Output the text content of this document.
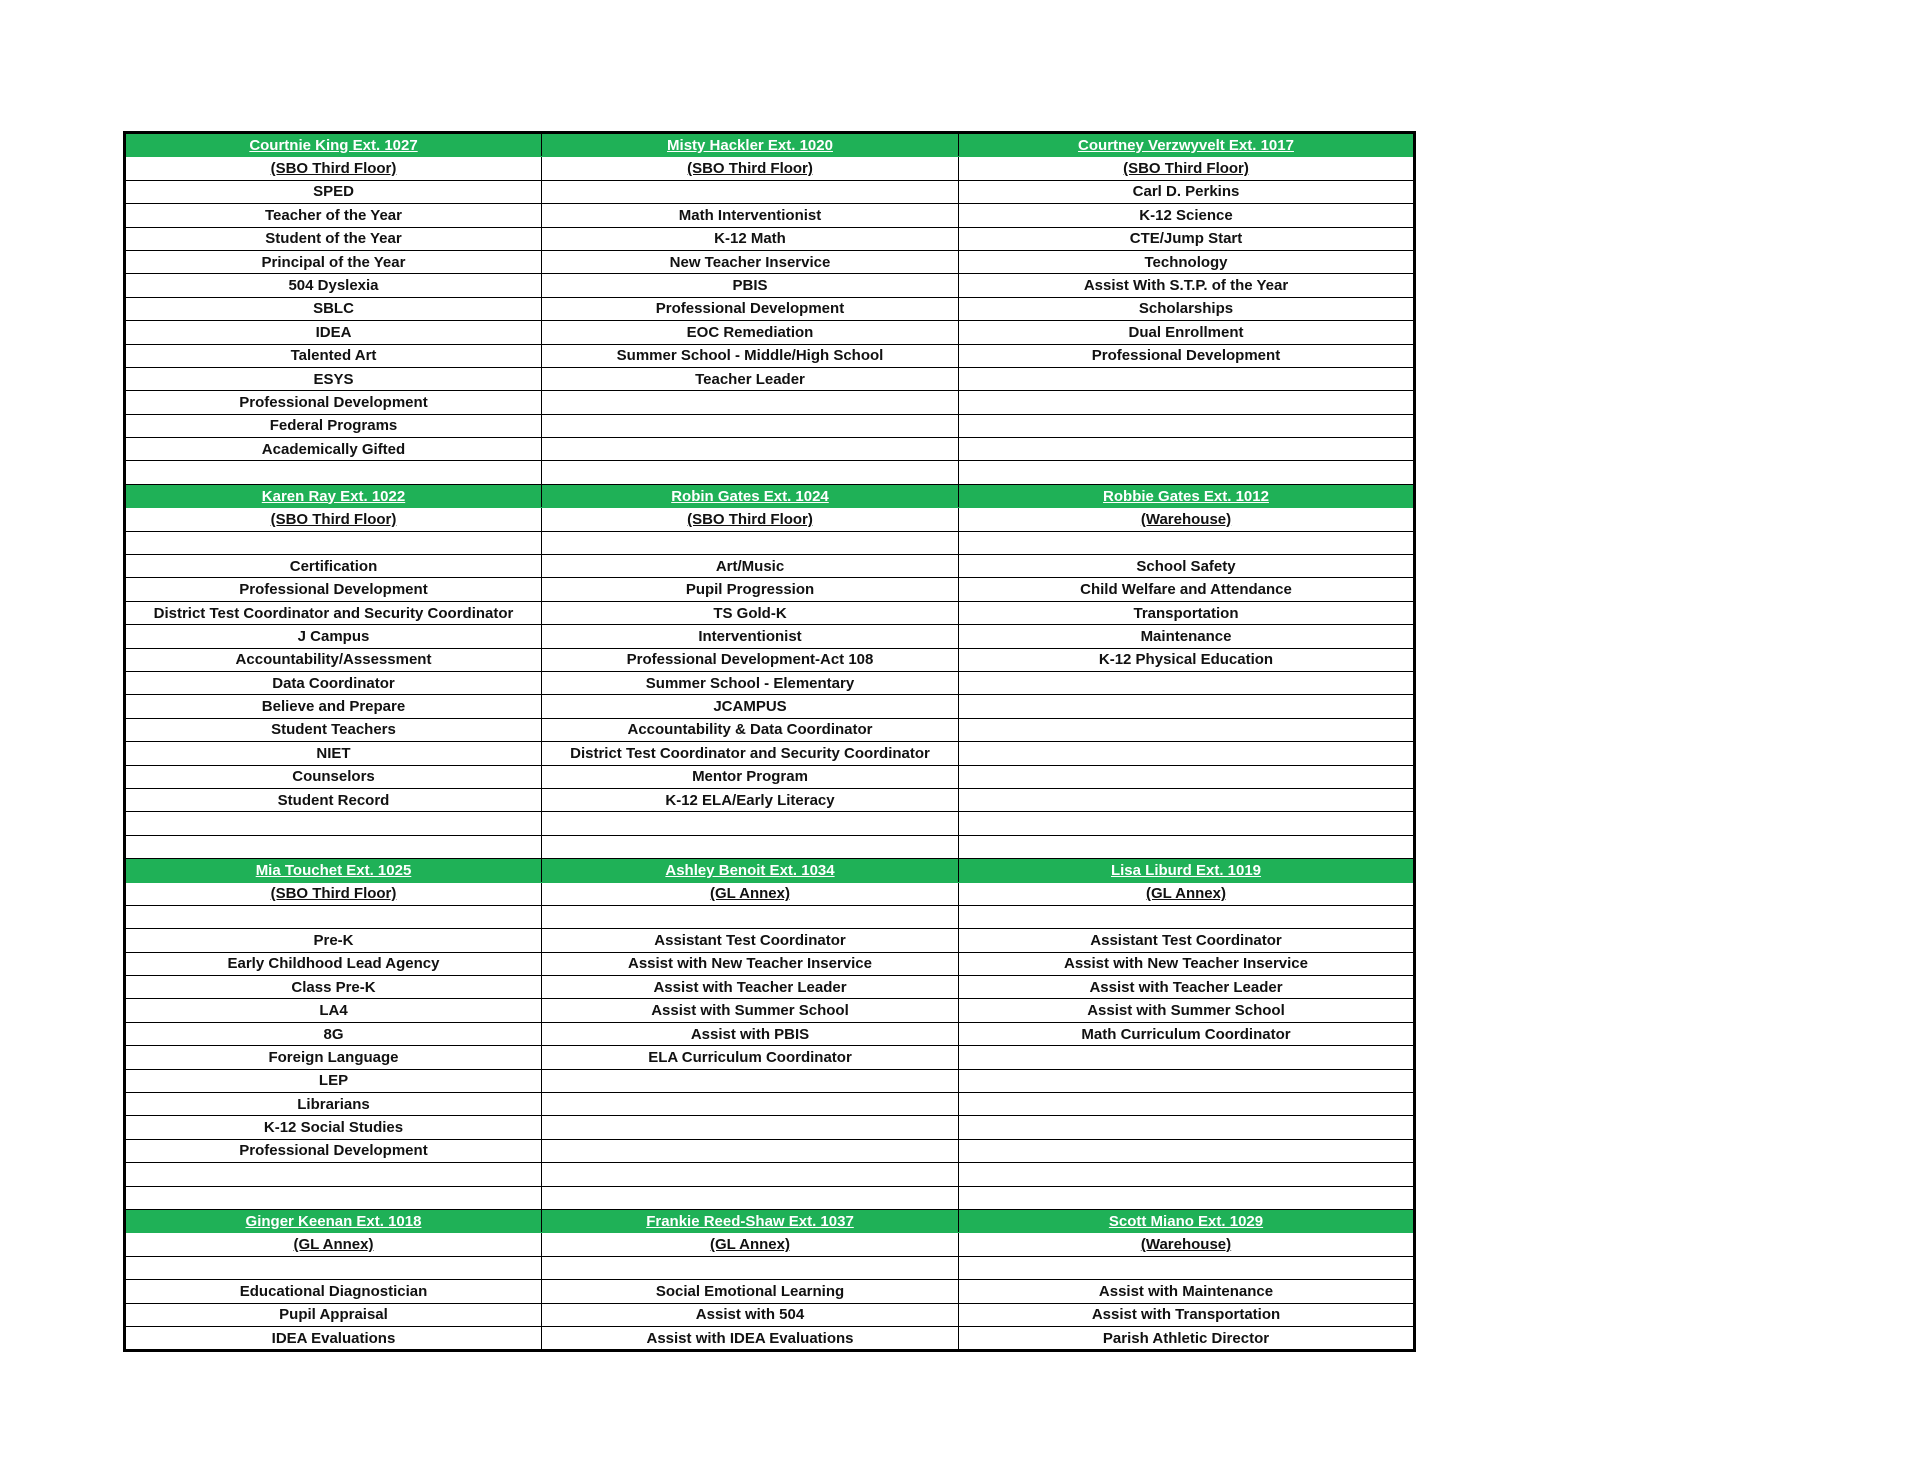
Courtnie King Ext. 1027	Misty Hackler Ext. 1020	Courtney Verzwyvelt Ext. 1017
(SBO Third Floor)	(SBO Third Floor)	(SBO Third Floor)
SPED		Carl D. Perkins
Teacher of the Year	Math Interventionist	K-12 Science
Student of the Year	K-12 Math	CTE/Jump Start
Principal of the Year	New Teacher Inservice	Technology
504 Dyslexia	PBIS	Assist With S.T.P. of the Year
SBLC	Professional Development	Scholarships
IDEA	EOC Remediation	Dual Enrollment
Talented Art	Summer School - Middle/High School	Professional Development
ESYS	Teacher Leader	
Professional Development		
Federal Programs		
Academically Gifted		

Karen Ray Ext. 1022	Robin Gates Ext. 1024	Robbie Gates Ext. 1012
(SBO Third Floor)	(SBO Third Floor)	(Warehouse)

Certification	Art/Music	School Safety
Professional Development	Pupil Progression	Child Welfare and Attendance
District Test Coordinator and Security Coordinator	TS Gold-K	Transportation
J Campus	Interventionist	Maintenance
Accountability/Assessment	Professional Development-Act 108	K-12 Physical Education
Data Coordinator	Summer School - Elementary	
Believe and Prepare	JCAMPUS	
Student Teachers	Accountability & Data Coordinator	
NIET	District Test Coordinator and Security Coordinator	
Counselors	Mentor Program	
Student Record	K-12 ELA/Early Literacy	

Mia Touchet Ext. 1025	Ashley Benoit Ext. 1034	Lisa Liburd Ext. 1019
(SBO Third Floor)	(GL Annex)	(GL Annex)

Pre-K	Assistant Test Coordinator	Assistant Test Coordinator
Early Childhood Lead Agency	Assist with New Teacher Inservice	Assist with New Teacher Inservice
Class Pre-K	Assist with Teacher Leader	Assist with Teacher Leader
LA4	Assist with Summer School	Assist with Summer School
8G	Assist with PBIS	Math Curriculum Coordinator
Foreign Language	ELA Curriculum Coordinator	
LEP		
Librarians		
K-12 Social Studies		
Professional Development		

Ginger Keenan Ext. 1018	Frankie Reed-Shaw Ext. 1037	Scott Miano Ext. 1029
(GL Annex)	(GL Annex)	(Warehouse)

Educational Diagnostician	Social Emotional Learning	Assist with Maintenance
Pupil Appraisal	Assist with 504	Assist with Transportation
IDEA Evaluations	Assist with IDEA Evaluations	Parish Athletic Director
